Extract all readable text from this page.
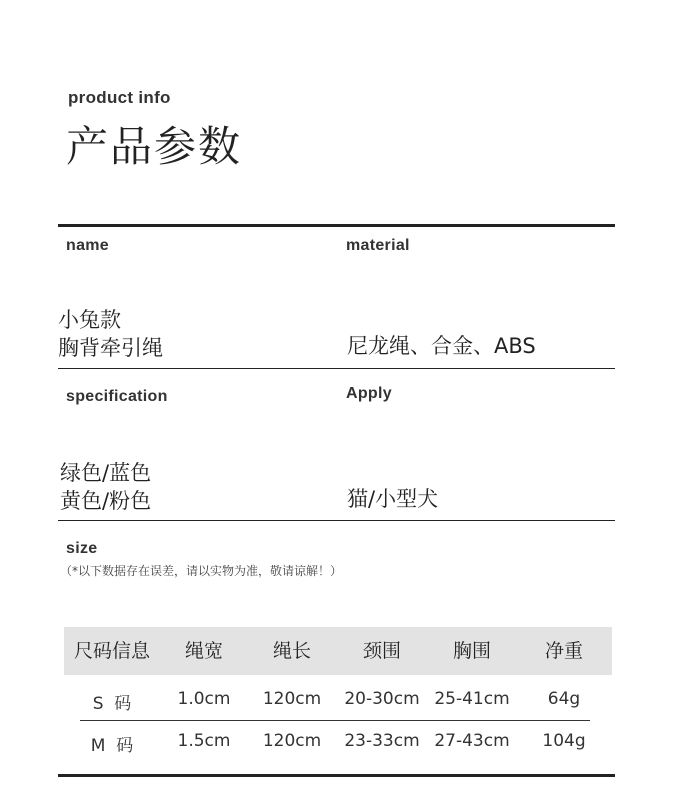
product info
产品参数
name	material
小兔款
胸背牵引绳	尼龙绳、合金、ABS
specification	Apply
绿色/蓝色
黄色/粉色	猫/小型犬
size
（*以下数据存在误差，请以实物为准，敬请谅解！）
尺码信息	绳宽	绳长	颈围	胸围	净重
S  码	1.0cm	120cm	20-30cm 25-41cm	64g
M  码	1.5cm	120cm	23-33cm 27-43cm	104g
